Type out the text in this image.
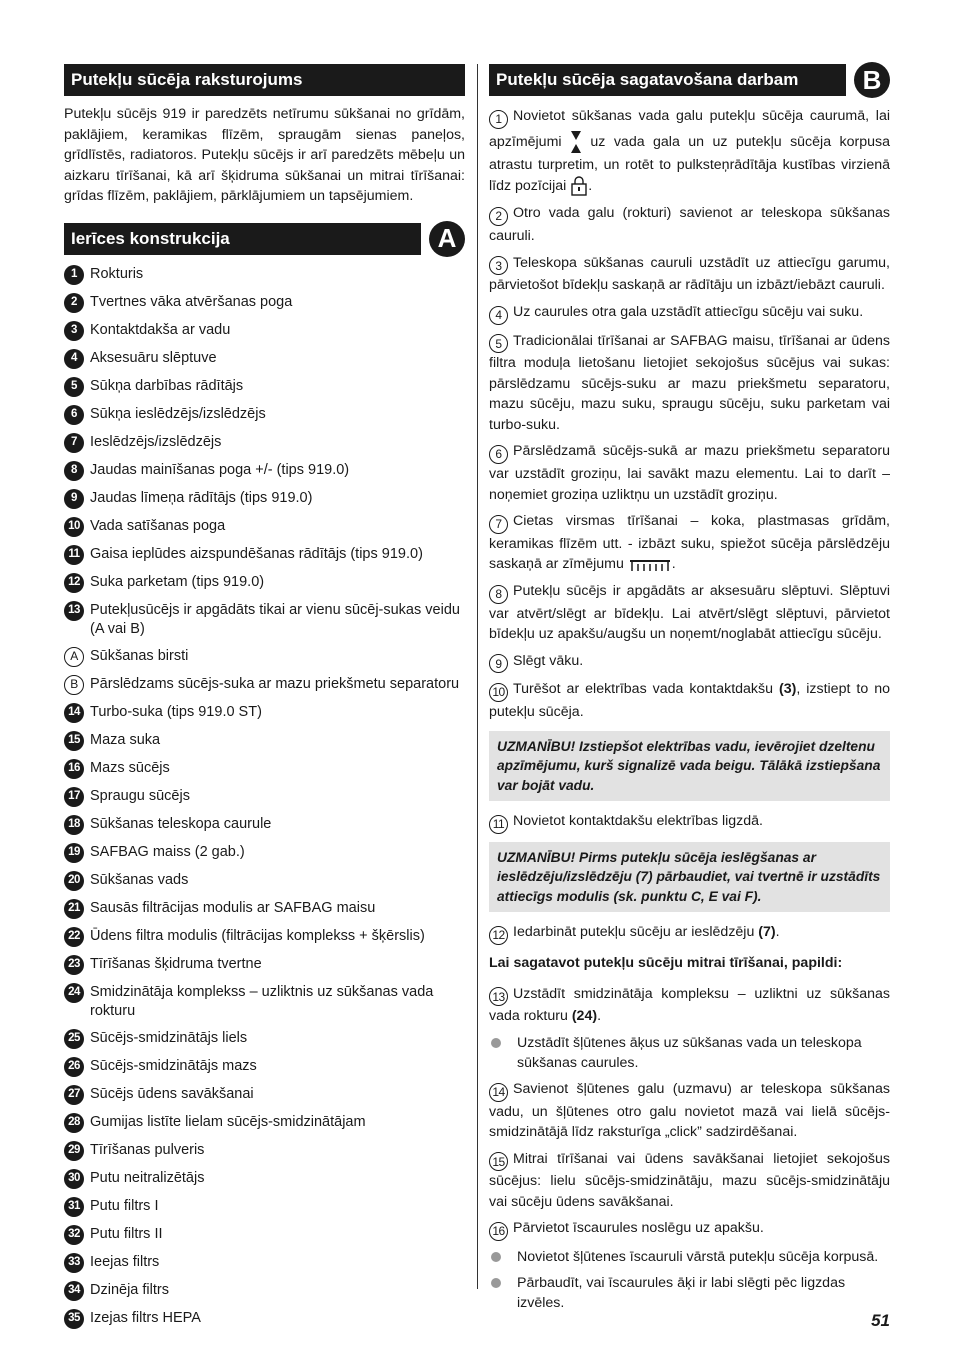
Putekļu sūcēja raksturojums

Putekļu sūcējs 919 ir paredzēts netīrumu sūkšanai no grīdām, paklājiem, keramikas flīzēm, spraugām sienas paneļos, grīdlīstēs, radiatoros. Putekļu sūcējs ir arī paredzēts mēbeļu un aizkaru tīrīšanai, kā arī šķidruma sūkšanai un mitrai tīrīšanai: grīdas flīzēm, paklājiem, pārklājumiem un tapsējumiem.

Ierīces konstrukcija	A
1 Rokturis
2 Tvertnes vāka atvēršanas poga
3 Kontaktdakša ar vadu
4 Aksesuāru slēptuve
5 Sūkņa darbības rādītājs
6 Sūkņa ieslēdzējs/izslēdzējs
7 Ieslēdzējs/izslēdzējs
8 Jaudas mainīšanas poga +/- (tips 919.0)
9 Jaudas līmeņa rādītājs (tips 919.0)
10 Vada satīšanas poga
11 Gaisa ieplūdes aizspundēšanas rādītājs (tips 919.0)
12 Suka parketam (tips 919.0)
13 Putekļusūcējs ir apgādāts tikai ar vienu sūcēj-sukas veidu (A vai B)
A Sūkšanas birsti
B Pārslēdzams sūcējs-suka ar mazu priekšmetu separatoru
14 Turbo-suka (tips 919.0 ST)
15 Maza suka
16 Mazs sūcējs
17 Spraugu sūcējs
18 Sūkšanas teleskopa caurule
19 SAFBAG maiss (2 gab.)
20 Sūkšanas vads
21 Sausās filtrācijas modulis ar SAFBAG maisu
22 Ūdens filtra modulis (filtrācijas komplekss + šķērslis)
23 Tīrīšanas šķidruma tvertne
24 Smidzinātāja komplekss – uzliktnis uz sūkšanas vada rokturu
25 Sūcējs-smidzinātājs liels
26 Sūcējs-smidzinātājs mazs
27 Sūcējs ūdens savākšanai
28 Gumijas listīte lielam sūcējs-smidzinātājam
29 Tīrīšanas pulveris
30 Putu neitralizētājs
31 Putu filtrs I
32 Putu filtrs II
33 Ieejas filtrs
34 Dzinēja filtrs
35 Izejas filtrs HEPA
Putekļu sūcēja sagatavošana darbam	B
1 Novietot sūkšanas vada galu putekļu sūcēja caurumā, lai apzīmējumi uz vada gala un uz putekļu sūcēja korpusa atrastu turpretim, un rotēt to pulksteņrādītāja kustības virzienā līdz pozīcijai .
2 Otro vada galu (rokturi) savienot ar teleskopa sūkšanas cauruli.
3 Teleskopa sūkšanas cauruli uzstādīt uz attiecīgu garumu, pārvietošot bīdekļu saskaņā ar rādītāju un izbāzt/iebāzt cauruli.
4 Uz caurules otra gala uzstādīt attiecīgu sūcēju vai suku.
5 Tradicionālai tīrīšanai ar SAFBAG maisu, tīrīšanai ar ūdens filtra moduļa lietošanu lietojiet sekojošus sūcējus vai sukas: pārslēdzamu sūcējs-suku ar mazu priekšmetu separatoru, mazu sūcēju, mazu suku, spraugu sūcēju, suku parketam vai turbo-suku.
6 Pārslēdzamā sūcējs-sukā ar mazu priekšmetu separatoru var uzstādīt groziņu, lai savākt mazu elementu. Lai to darīt – noņemiet groziņa uzliktņu un uzstādīt groziņu.
7 Cietas virsmas tīrīšanai – koka, plastmasas grīdām, keramikas flīzēm utt. - izbāzt suku, spiežot sūcēja pārslēdzēju saskaņā ar zīmējumu	.
8 Putekļu sūcējs ir apgādāts ar aksesuāru slēptuvi. Slēptuvi var atvērt/slēgt ar bīdekļu. Lai atvērt/slēgt slēptuvi, pārvietot bīdekļu uz apakšu/augšu un noņemt/noglabāt attiecīgu sūcēju.
9 Slēgt vāku.
10 Turēšot ar elektrības vada kontaktdakšu (3), izstiept to no putekļu sūcēja.
UZMANĪBU! Izstiepšot elektrības vadu, ievērojiet dzeltenu apzīmējumu, kurš signalizē vada beigu. Tālākā izstiepšana var bojāt vadu.
11 Novietot kontaktdakšu elektrības ligzdā.
UZMANĪBU! Pirms putekļu sūcēja ieslēgšanas ar ieslēdzēju/izslēdzēju (7) pārbaudiet, vai tvertnē ir uzstādīts attiecīgs modulis (sk. punktu C, E vai F).
12 Iedarbināt putekļu sūcēju ar ieslēdzēju (7).
Lai sagatavot putekļu sūcēju mitrai tīrīšanai, papildi:
13 Uzstādīt smidzinātāja kompleksu – uzliktni uz sūkšanas vada rokturu (24).
Uzstādīt šļūtenes āķus uz sūkšanas vada un teleskopa sūkšanas caurules.
14 Savienot šļūtenes galu (uzmavu) ar teleskopa sūkšanas vadu, un šļūtenes otro galu novietot mazā vai lielā sūcējs-smidzinātājā līdz raksturīga „click” sadzirdēšanai.
15 Mitrai tīrīšanai vai ūdens savākšanai lietojiet sekojošus sūcējus: lielu sūcējs-smidzinātāju, mazu sūcējs-smidzinātāju vai sūcēju ūdens savākšanai.
16 Pārvietot īscaurules noslēgu uz apakšu.
Novietot šļūtenes īscauruli vārstā putekļu sūcēja korpusā.
Pārbaudīt, vai īscaurules āķi ir labi slēgti pēc ligzdas izvēles.
51
